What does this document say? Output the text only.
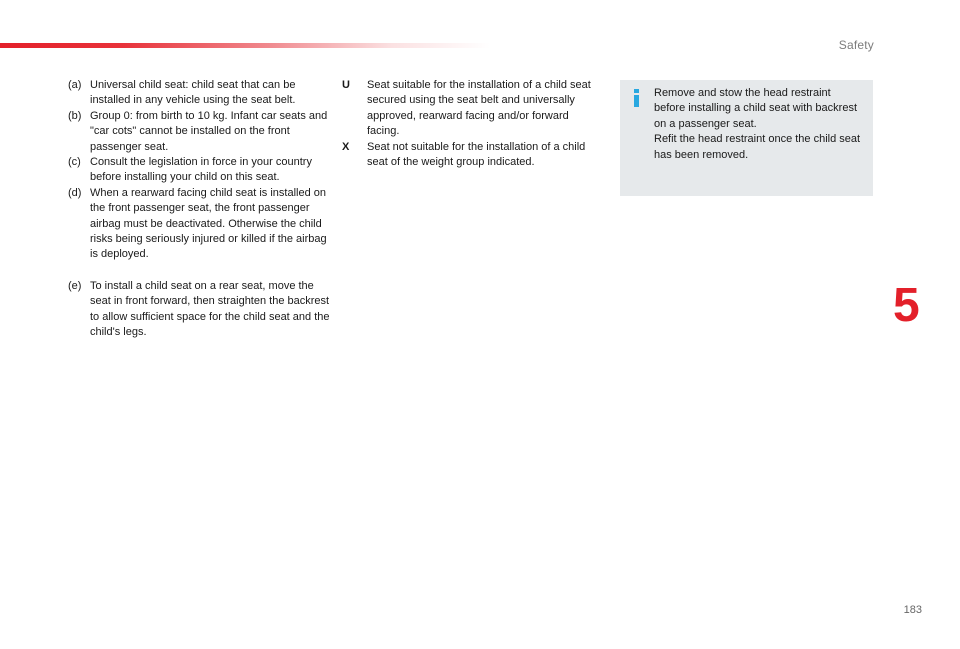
Safety
(a) Universal child seat: child seat that can be installed in any vehicle using the seat belt.
(b) Group 0: from birth to 10 kg. Infant car seats and "car cots" cannot be installed on the front passenger seat.
(c) Consult the legislation in force in your country before installing your child on this seat.
(d) When a rearward facing child seat is installed on the front passenger seat, the front passenger airbag must be deactivated. Otherwise the child risks being seriously injured or killed if the airbag is deployed.
(e) To install a child seat on a rear seat, move the seat in front forward, then straighten the backrest to allow sufficient space for the child seat and the child's legs.
U	Seat suitable for the installation of a child seat secured using the seat belt and universally approved, rearward facing and/or forward facing.
X	Seat not suitable for the installation of a child seat of the weight group indicated.
Remove and stow the head restraint before installing a child seat with backrest on a passenger seat.
Refit the head restraint once the child seat has been removed.
5
183
